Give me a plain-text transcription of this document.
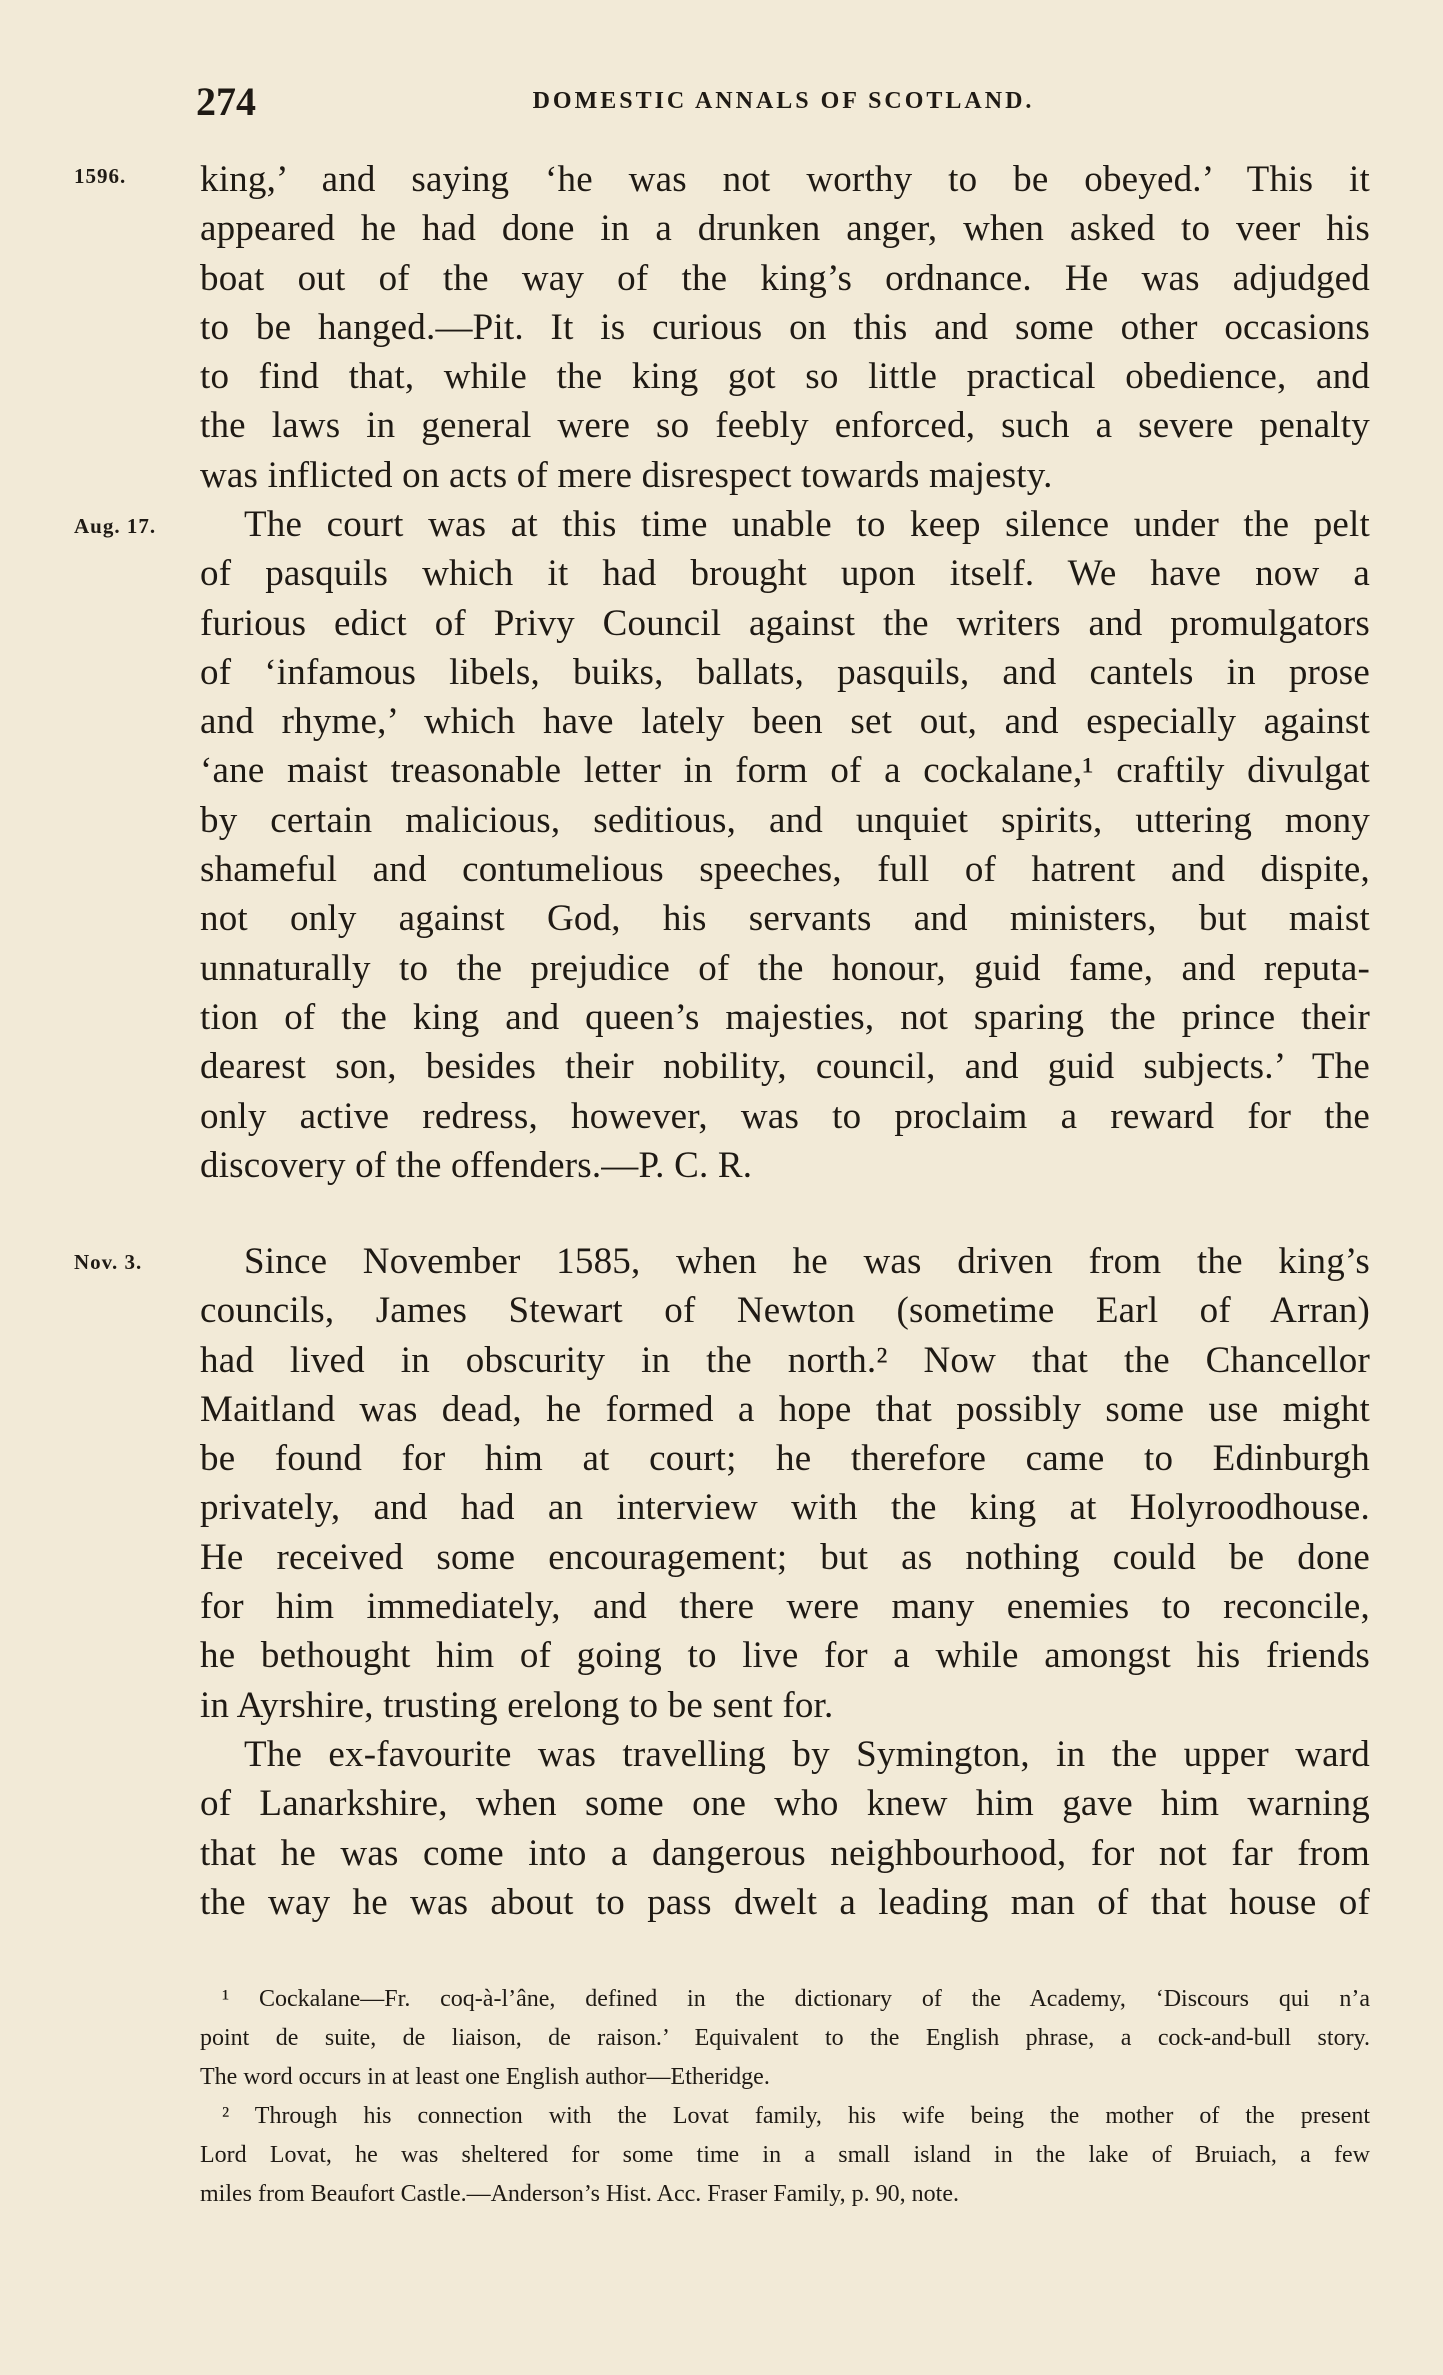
274	DOMESTIC ANNALS OF SCOTLAND.
1596.
Aug. 17.
Nov. 3.
king,’ and saying ‘he was not worthy to be obeyed.’ This it
appeared he had done in a drunken anger, when asked to veer his
boat out of the way of the king’s ordnance. He was adjudged
to be hanged.—Pit. It is curious on this and some other occasions
to find that, while the king got so little practical obedience, and
the laws in general were so feebly enforced, such a severe penalty
was inflicted on acts of mere disrespect towards majesty.
The court was at this time unable to keep silence under the pelt
of pasquils which it had brought upon itself. We have now a
furious edict of Privy Council against the writers and promulgators
of ‘infamous libels, buiks, ballats, pasquils, and cantels in prose
and rhyme,’ which have lately been set out, and especially against
‘ane maist treasonable letter in form of a cockalane,¹ craftily divulgat
by certain malicious, seditious, and unquiet spirits, uttering mony
shameful and contumelious speeches, full of hatrent and dispite,
not only against God, his servants and ministers, but maist
unnaturally to the prejudice of the honour, guid fame, and reputa-
tion of the king and queen’s majesties, not sparing the prince their
dearest son, besides their nobility, council, and guid subjects.’ The
only active redress, however, was to proclaim a reward for the
discovery of the offenders.—P. C. R.
Since November 1585, when he was driven from the king’s
councils, James Stewart of Newton (sometime Earl of Arran)
had lived in obscurity in the north.² Now that the Chancellor
Maitland was dead, he formed a hope that possibly some use might
be found for him at court; he therefore came to Edinburgh
privately, and had an interview with the king at Holyroodhouse.
He received some encouragement; but as nothing could be done
for him immediately, and there were many enemies to reconcile,
he bethought him of going to live for a while amongst his friends
in Ayrshire, trusting erelong to be sent for.
The ex-favourite was travelling by Symington, in the upper ward
of Lanarkshire, when some one who knew him gave him warning
that he was come into a dangerous neighbourhood, for not far from
the way he was about to pass dwelt a leading man of that house of
¹ Cockalane—Fr. coq-à-l’âne, defined in the dictionary of the Academy, ‘Discours qui n’a
point de suite, de liaison, de raison.’ Equivalent to the English phrase, a cock-and-bull story.
The word occurs in at least one English author—Etheridge.
² Through his connection with the Lovat family, his wife being the mother of the present
Lord Lovat, he was sheltered for some time in a small island in the lake of Bruiach, a few
miles from Beaufort Castle.—Anderson’s Hist. Acc. Fraser Family, p. 90, note.
